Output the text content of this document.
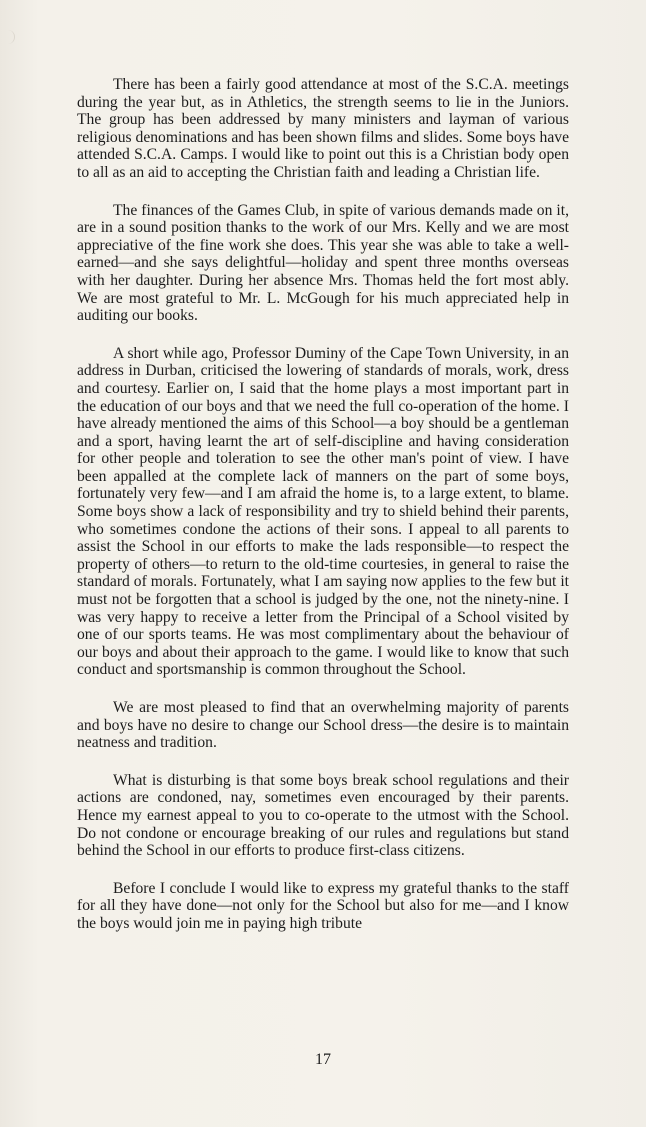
There has been a fairly good attendance at most of the S.C.A. meetings during the year but, as in Athletics, the strength seems to lie in the Juniors. The group has been addressed by many ministers and layman of various religious denominations and has been shown films and slides. Some boys have attended S.C.A. Camps. I would like to point out this is a Christian body open to all as an aid to accepting the Christian faith and leading a Christian life.

The finances of the Games Club, in spite of various demands made on it, are in a sound position thanks to the work of our Mrs. Kelly and we are most appreciative of the fine work she does. This year she was able to take a well-earned—and she says delightful—holiday and spent three months overseas with her daughter. During her absence Mrs. Thomas held the fort most ably. We are most grateful to Mr. L. McGough for his much appreciated help in auditing our books.

A short while ago, Professor Duminy of the Cape Town University, in an address in Durban, criticised the lowering of standards of morals, work, dress and courtesy. Earlier on, I said that the home plays a most important part in the education of our boys and that we need the full co-operation of the home. I have already mentioned the aims of this School—a boy should be a gentleman and a sport, having learnt the art of self-discipline and having consideration for other people and toleration to see the other man's point of view. I have been appalled at the complete lack of manners on the part of some boys, fortunately very few—and I am afraid the home is, to a large extent, to blame. Some boys show a lack of responsibility and try to shield behind their parents, who sometimes condone the actions of their sons. I appeal to all parents to assist the School in our efforts to make the lads responsible—to respect the property of others—to return to the old-time courtesies, in general to raise the standard of morals. Fortunately, what I am saying now applies to the few but it must not be forgotten that a school is judged by the one, not the ninety-nine. I was very happy to receive a letter from the Principal of a School visited by one of our sports teams. He was most complimentary about the behaviour of our boys and about their approach to the game. I would like to know that such conduct and sportsmanship is common throughout the School.

We are most pleased to find that an overwhelming majority of parents and boys have no desire to change our School dress—the desire is to maintain neatness and tradition.

What is disturbing is that some boys break school regulations and their actions are condoned, nay, sometimes even encouraged by their parents. Hence my earnest appeal to you to co-operate to the utmost with the School. Do not condone or encourage breaking of our rules and regulations but stand behind the School in our efforts to produce first-class citizens.

Before I conclude I would like to express my grateful thanks to the staff for all they have done—not only for the School but also for me—and I know the boys would join me in paying high tribute

17
